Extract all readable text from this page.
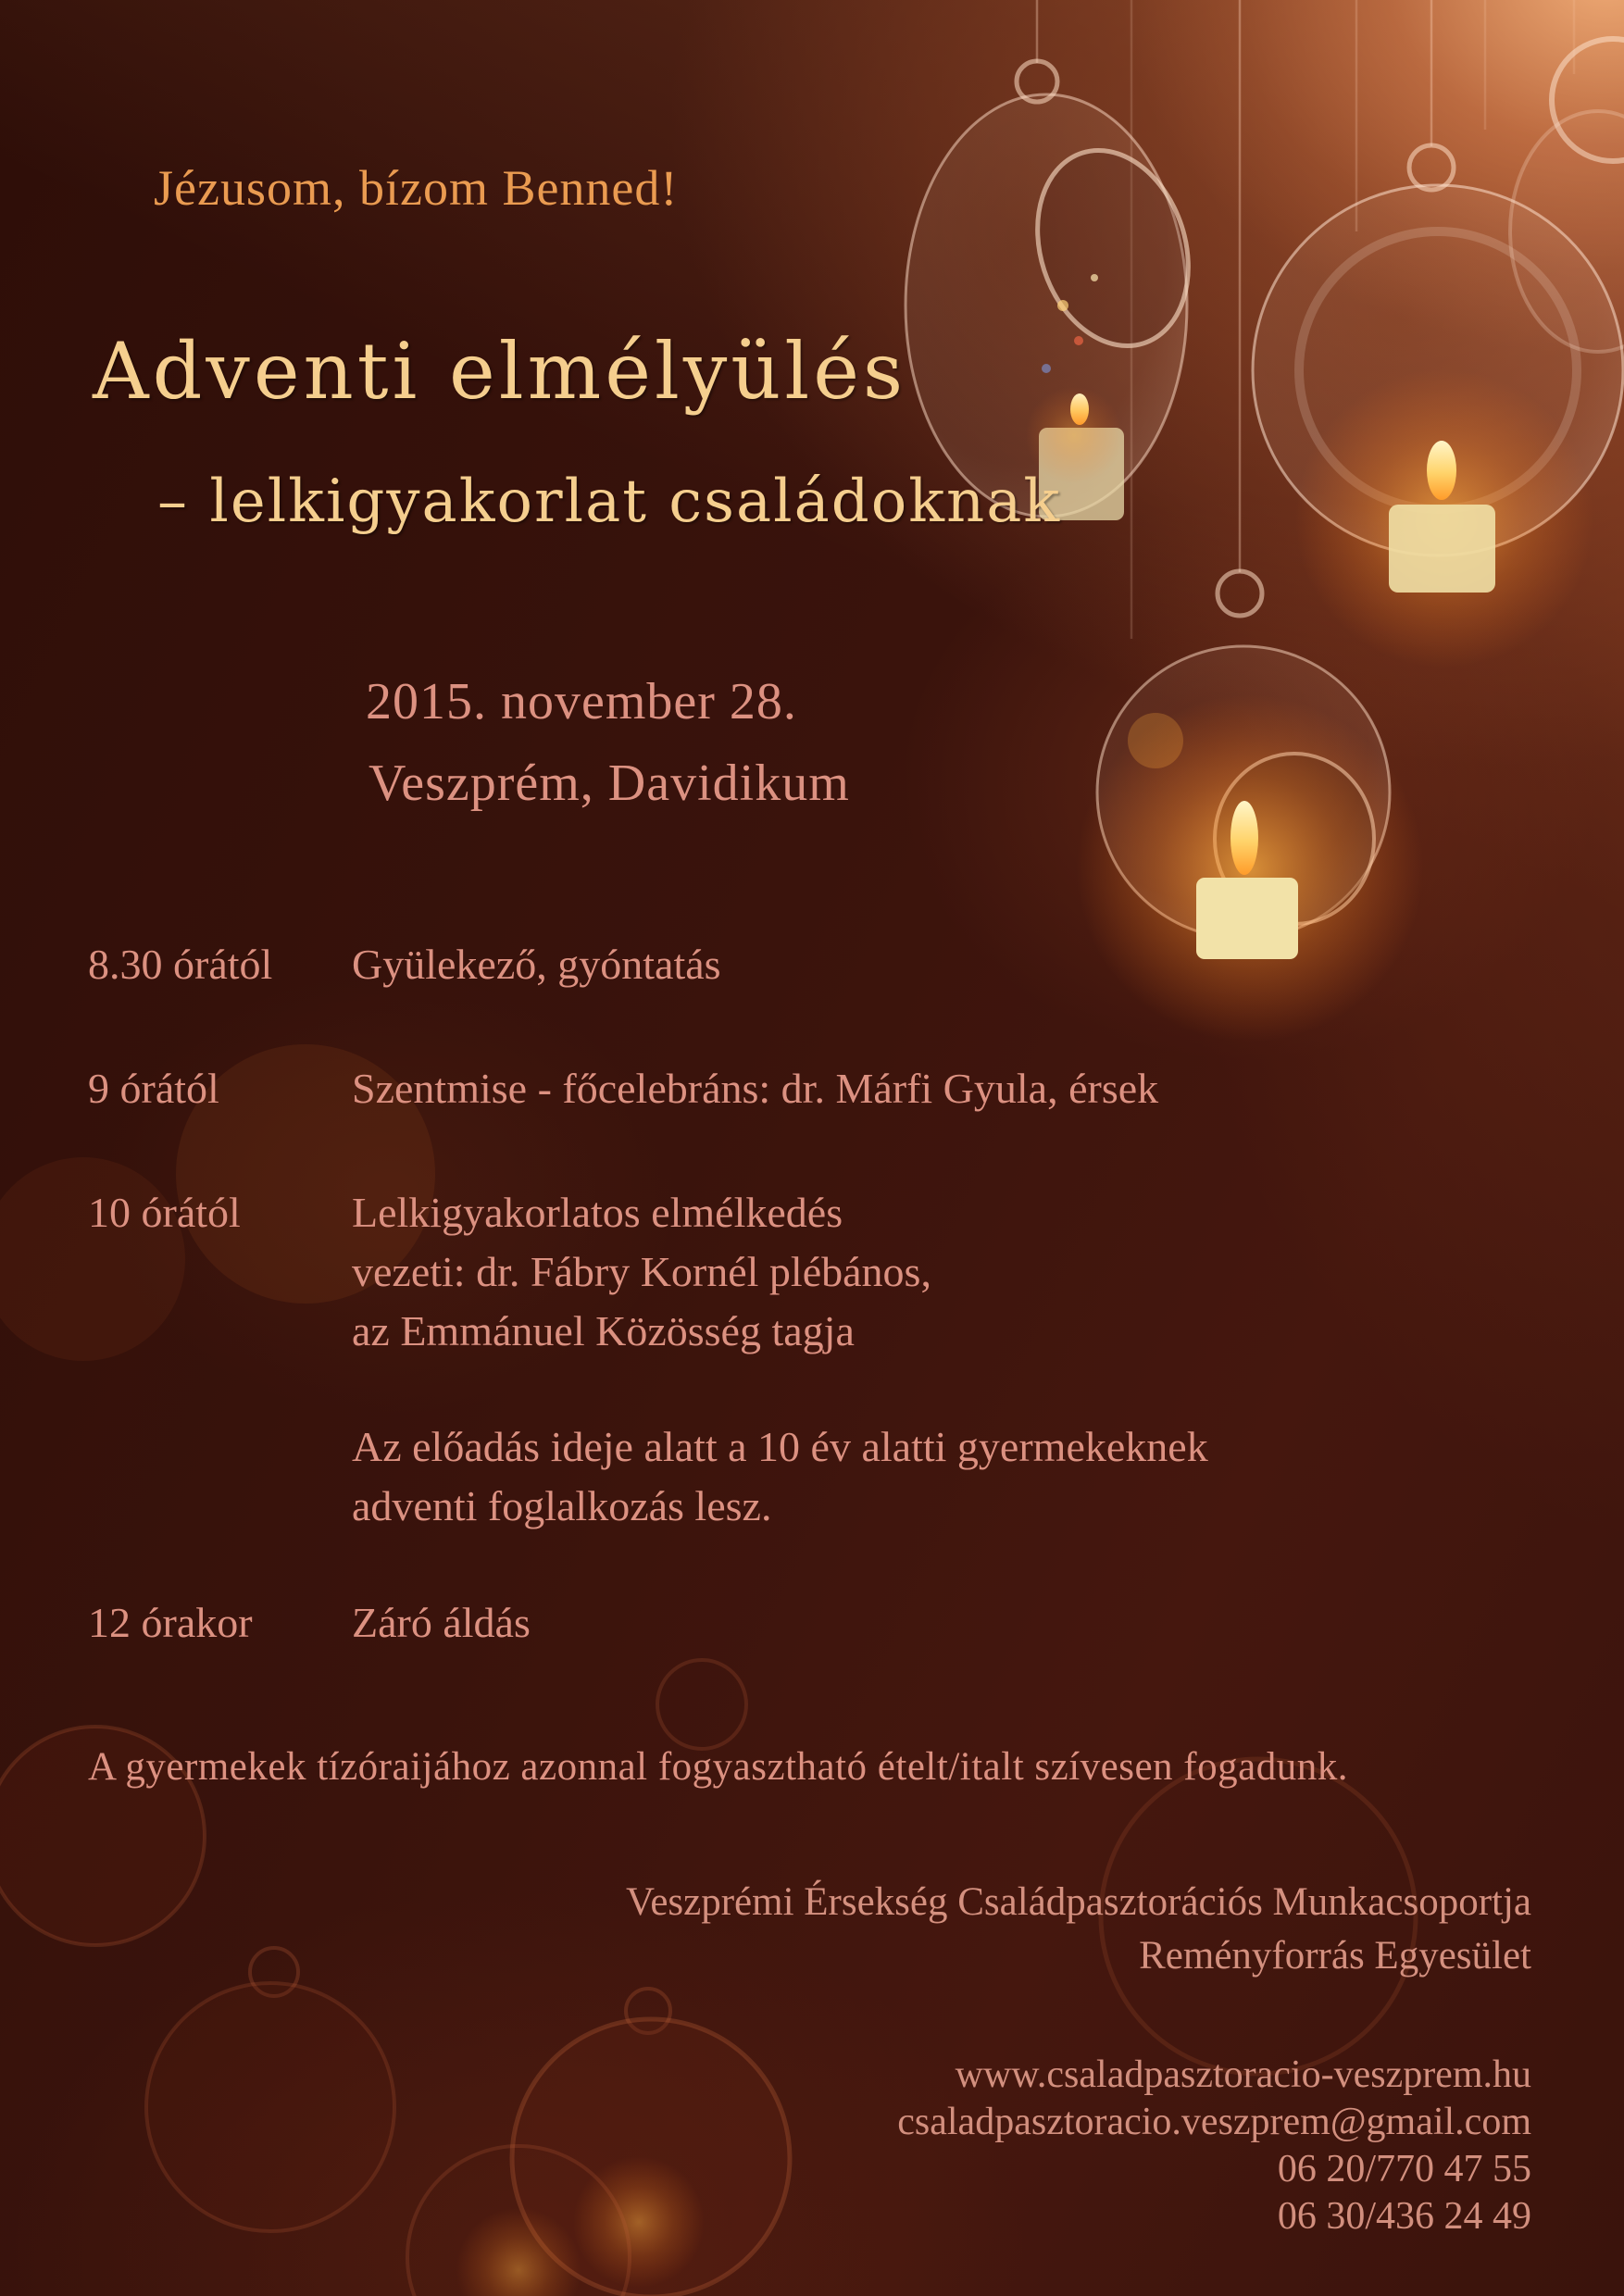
Jézusom, bízom Benned!
Adventi elmélyülés
– lelkigyakorlat családoknak
2015. november 28.
Veszprém, Davidikum
8.30 órától	Gyülekező, gyóntatás
9 órától	Szentmise - főcelebráns: dr. Márfi Gyula, érsek
10 órától	Lelkigyakorlatos elmélkedés
vezeti: dr. Fábry Kornél plébános,
az Emmánuel Közösség tagja
Az előadás ideje alatt a 10 év alatti gyermekeknek
adventi foglalkozás lesz.
12 órakor	Záró áldás
A gyermekek tízóraijához azonnal fogyasztható ételt/italt szívesen fogadunk.
Veszprémi Érsekség Családpasztorációs Munkacsoportja
Reményforrás Egyesület
www.csaladpasztoracio-veszprem.hu
csaladpasztoracio.veszprem@gmail.com
06 20/770 47 55
06 30/436 24 49
